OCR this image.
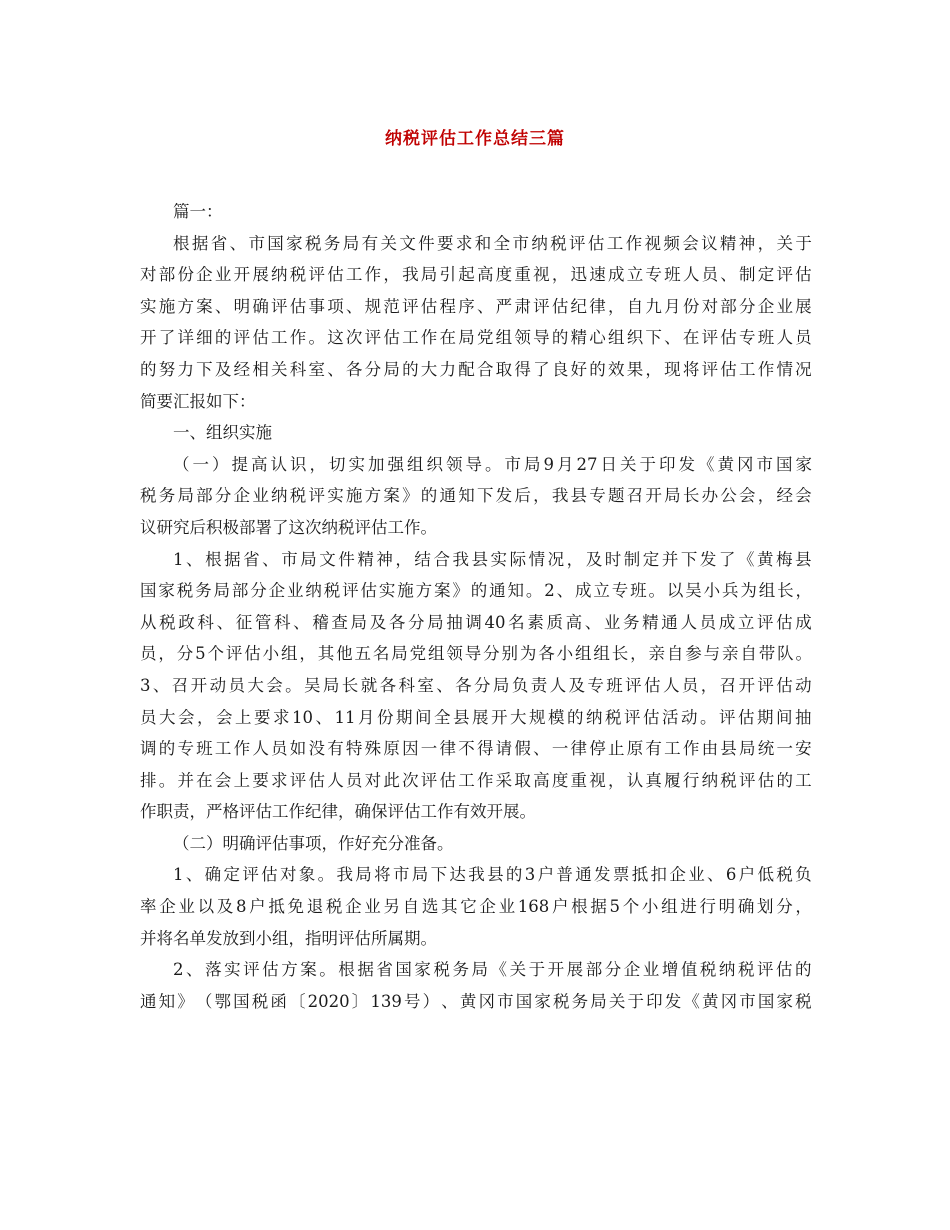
纳税评估工作总结三篇
篇一：
根 据 省 、 市 国 家 税 务 局 有 关 文 件 要 求 和 全 市 纳 税 评 估 工 作 视 频 会 议 精 神 ， 关 于
对 部 份 企 业 开 展 纳 税 评 估 工 作 ， 我 局 引 起 高 度 重 视 ， 迅 速 成 立 专 班 人 员 、 制 定 评 估
实 施 方 案 、 明 确 评 估 事 项 、 规 范 评 估 程 序 、 严 肃 评 估 纪 律 ， 自 九 月 份 对 部 分 企 业 展
开 了 详 细 的 评 估 工 作 。 这 次 评 估 工 作 在 局 党 组 领 导 的 精 心 组 织 下 、 在 评 估 专 班 人 员
的 努 力 下 及 经 相 关 科 室 、 各 分 局 的 大 力 配 合 取 得 了 良 好 的 效 果 ， 现 将 评 估 工 作 情 况
简要汇报如下：
一、组织实施
（ 一 ） 提 高 认 识 ， 切 实 加 强 组 织 领 导 。 市 局 9 月 27 日 关 于 印 发 《 黄 冈 市 国 家
税 务 局 部 分 企 业 纳 税 评 实 施 方 案 》 的 通 知 下 发 后 ， 我 县 专 题 召 开 局 长 办 公 会 ， 经 会
议研究后积极部署了这次纳税评估工作。
1 、 根 据 省 、 市 局 文 件 精 神 ， 结 合 我 县 实 际 情 况 ， 及 时 制 定 并 下 发 了 《 黄 梅 县
国 家 税 务 局 部 分 企 业 纳 税 评 估 实 施 方 案 》 的 通 知 。 2 、 成 立 专 班 。 以 吴 小 兵 为 组 长 ，
从 税 政 科 、 征 管 科 、 稽 查 局 及 各 分 局 抽 调 40 名 素 质 高 、 业 务 精 通 人 员 成 立 评 估 成
员 ， 分 5 个 评 估 小 组 ， 其 他 五 名 局 党 组 领 导 分 别 为 各 小 组 组 长 ， 亲 自 参 与 亲 自 带 队 。
3 、 召 开 动 员 大 会 。 吴 局 长 就 各 科 室 、 各 分 局 负 责 人 及 专 班 评 估 人 员 ， 召 开 评 估 动
员 大 会 ， 会 上 要 求 10 、 11 月 份 期 间 全 县 展 开 大 规 模 的 纳 税 评 估 活 动 。 评 估 期 间 抽
调 的 专 班 工 作 人 员 如 没 有 特 殊 原 因 一 律 不 得 请 假 、 一 律 停 止 原 有 工 作 由 县 局 统 一 安
排 。 并 在 会 上 要 求 评 估 人 员 对 此 次 评 估 工 作 采 取 高 度 重 视 ， 认 真 履 行 纳 税 评 估 的 工
作职责，严格评估工作纪律，确保评估工作有效开展。
（二）明确评估事项，作好充分准备。
1 、 确 定 评 估 对 象 。 我 局 将 市 局 下 达 我 县 的 3 户 普 通 发 票 抵 扣 企 业 、 6 户 低 税 负
率 企 业 以 及 8 户 抵 免 退 税 企 业 另 自 选 其 它 企 业 168 户 根 据 5 个 小 组 进 行 明 确 划 分 ，
并将名单发放到小组，指明评估所属期。
2 、 落 实 评 估 方 案 。 根 据 省 国 家 税 务 局 《 关 于 开 展 部 分 企 业 增 值 税 纳 税 评 估 的
通 知 》 （ 鄂 国 税 函 〔 2020 〕 139 号 ） 、 黄 冈 市 国 家 税 务 局 关 于 印 发 《 黄 冈 市 国 家 税
